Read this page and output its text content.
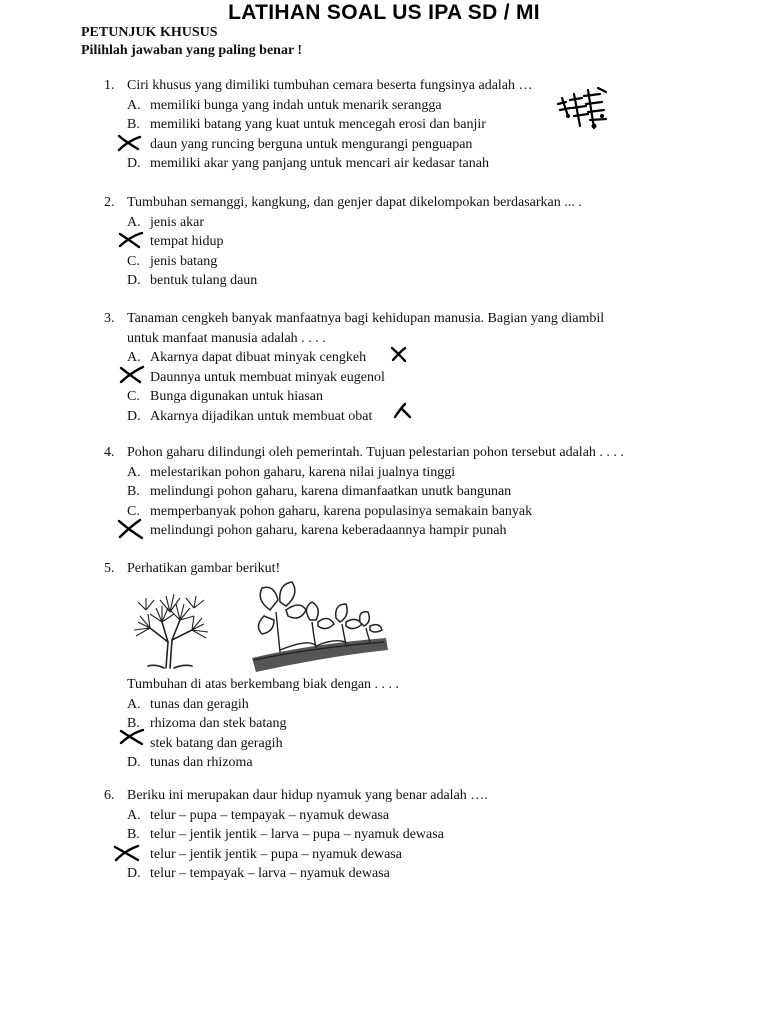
LATIHAN SOAL US IPA SD / MI
PETUNJUK KHUSUS
Pilihlah jawaban yang paling benar !
1. Ciri khusus yang dimiliki tumbuhan cemara beserta fungsinya adalah …
A. memiliki bunga yang indah untuk menarik serangga
B. memiliki batang yang kuat untuk mencegah erosi dan banjir
daun yang runcing berguna untuk mengurangi penguapan
D. memiliki akar yang panjang untuk mencari air kedasar tanah
2. Tumbuhan semanggi, kangkung, dan genjer dapat dikelompokan berdasarkan ... .
A. jenis akar
tempat hidup
C. jenis batang
D. bentuk tulang daun
3. Tanaman cengkeh banyak manfaatnya bagi kehidupan manusia. Bagian yang diambil
untuk manfaat manusia adalah . . . .
A. Akarnya dapat dibuat minyak cengkeh
Daunnya untuk membuat minyak eugenol
C. Bunga digunakan untuk hiasan
D. Akarnya dijadikan untuk membuat obat
4. Pohon gaharu dilindungi oleh pemerintah. Tujuan pelestarian pohon tersebut adalah . . . .
A. melestarikan pohon gaharu, karena nilai jualnya tinggi
B. melindungi pohon gaharu, karena dimanfaatkan unutk bangunan
C. memperbanyak pohon gaharu, karena populasinya semakain banyak
melindungi pohon gaharu, karena keberadaannya hampir punah
5. Perhatikan gambar berikut!
Tumbuhan di atas berkembang biak dengan . . . .
A. tunas dan geragih
B. rhizoma dan stek batang
stek batang dan geragih
D. tunas dan rhizoma
6. Beriku ini merupakan daur hidup nyamuk yang benar adalah ….
A. telur – pupa – tempayak – nyamuk dewasa
B. telur – jentik jentik – larva – pupa – nyamuk dewasa
telur – jentik jentik – pupa – nyamuk dewasa
D. telur – tempayak – larva – nyamuk dewasa
